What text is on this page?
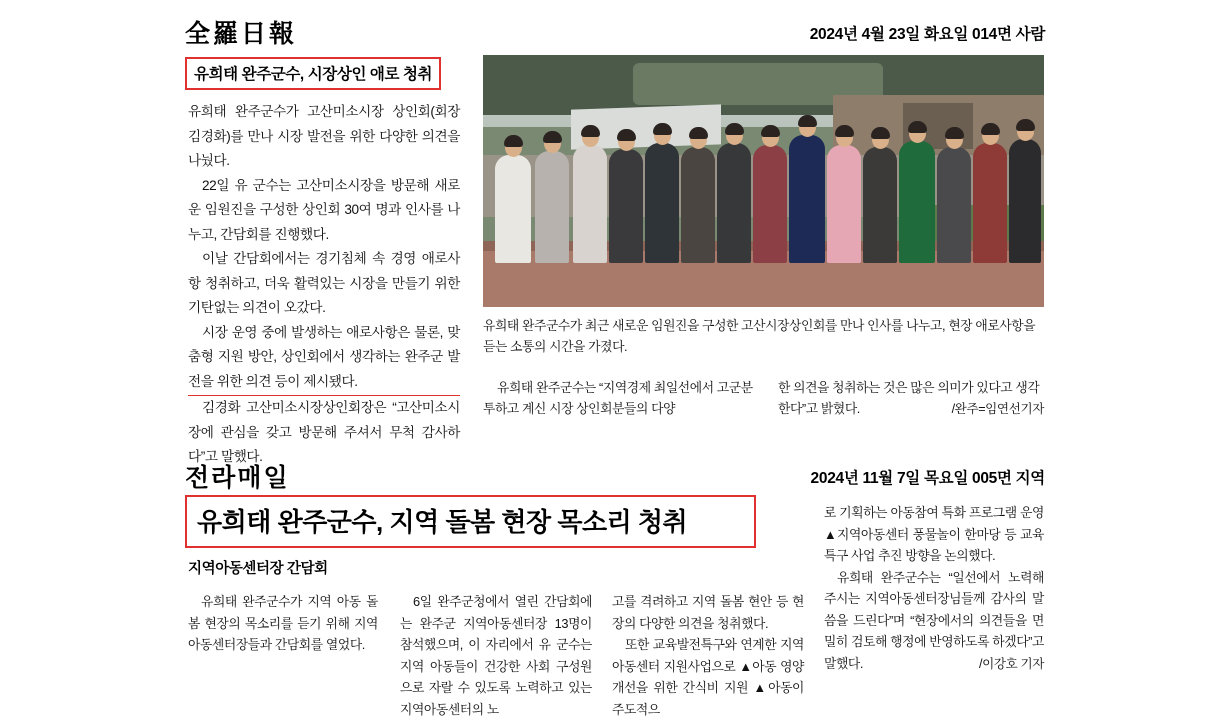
全羅日報	2024년 4월 23일 화요일 014면 사람
유희태 완주군수, 시장상인 애로 청취

유희태 완주군수가 고산미소시장 상인회(회장 김경화)를 만나 시장 발전을 위한 다양한 의견을 나눴다.

22일 유 군수는 고산미소시장을 방문해 새로운 임원진을 구성한 상인회 30여 명과 인사를 나누고, 간담회를 진행했다.

이날 간담회에서는 경기침체 속 경영 애로사항 청취하고, 더욱 활력있는 시장을 만들기 위한 기탄없는 의견이 오갔다.

시장 운영 중에 발생하는 애로사항은 물론, 맞춤형 지원 방안, 상인회에서 생각하는 완주군 발전을 위한 의견 등이 제시됐다.

김경화 고산미소시장상인회장은 “고산미소시장에 관심을 갖고 방문해 주셔서 무척 감사하다”고 말했다.

유희태 완주군수가 최근 새로운 임원진을 구성한 고산시장상인회를 만나 인사를 나누고, 현장 애로사항을 듣는 소통의 시간을 가졌다.
유희태 완주군수는 “지역경제 최일선에서 고군분투하고 계신 시장 상인회분들의 다양
한 의견을 청취하는 것은 많은 의미가 있다고 생각한다”고 밝혔다.	/완주=임연선기자
전라매일	2024년 11월 7일 목요일 005면 지역
유희태 완주군수, 지역 돌봄 현장 목소리 청취
지역아동센터장 간담회

유희태 완주군수가 지역 아동 돌봄 현장의 목소리를 듣기 위해 지역아동센터장들과 간담회를 열었다.

6일 완주군청에서 열린 간담회에는 완주군 지역아동센터장 13명이 참석했으며, 이 자리에서 유 군수는 지역 아동들이 건강한 사회 구성원으로 자랄 수 있도록 노력하고 있는 지역아동센터의 노

고를 격려하고 지역 돌봄 현안 등 현장의 다양한 의견을 청취했다.

또한 교육발전특구와 연계한 지역아동센터 지원사업으로 ▲아동 영양개선을 위한 간식비 지원 ▲아동이 주도적으

로 기획하는 아동참여 특화 프로그램 운영 ▲지역아동센터 풍물놀이 한마당 등 교육특구 사업 추진 방향을 논의했다.

유희태 완주군수는 “일선에서 노력해 주시는 지역아동센터장님들께 감사의 말씀을 드린다”며 “현장에서의 의견들을 면밀히 검토해 행정에 반영하도록 하겠다”고 말했다.	/이강호 기자
